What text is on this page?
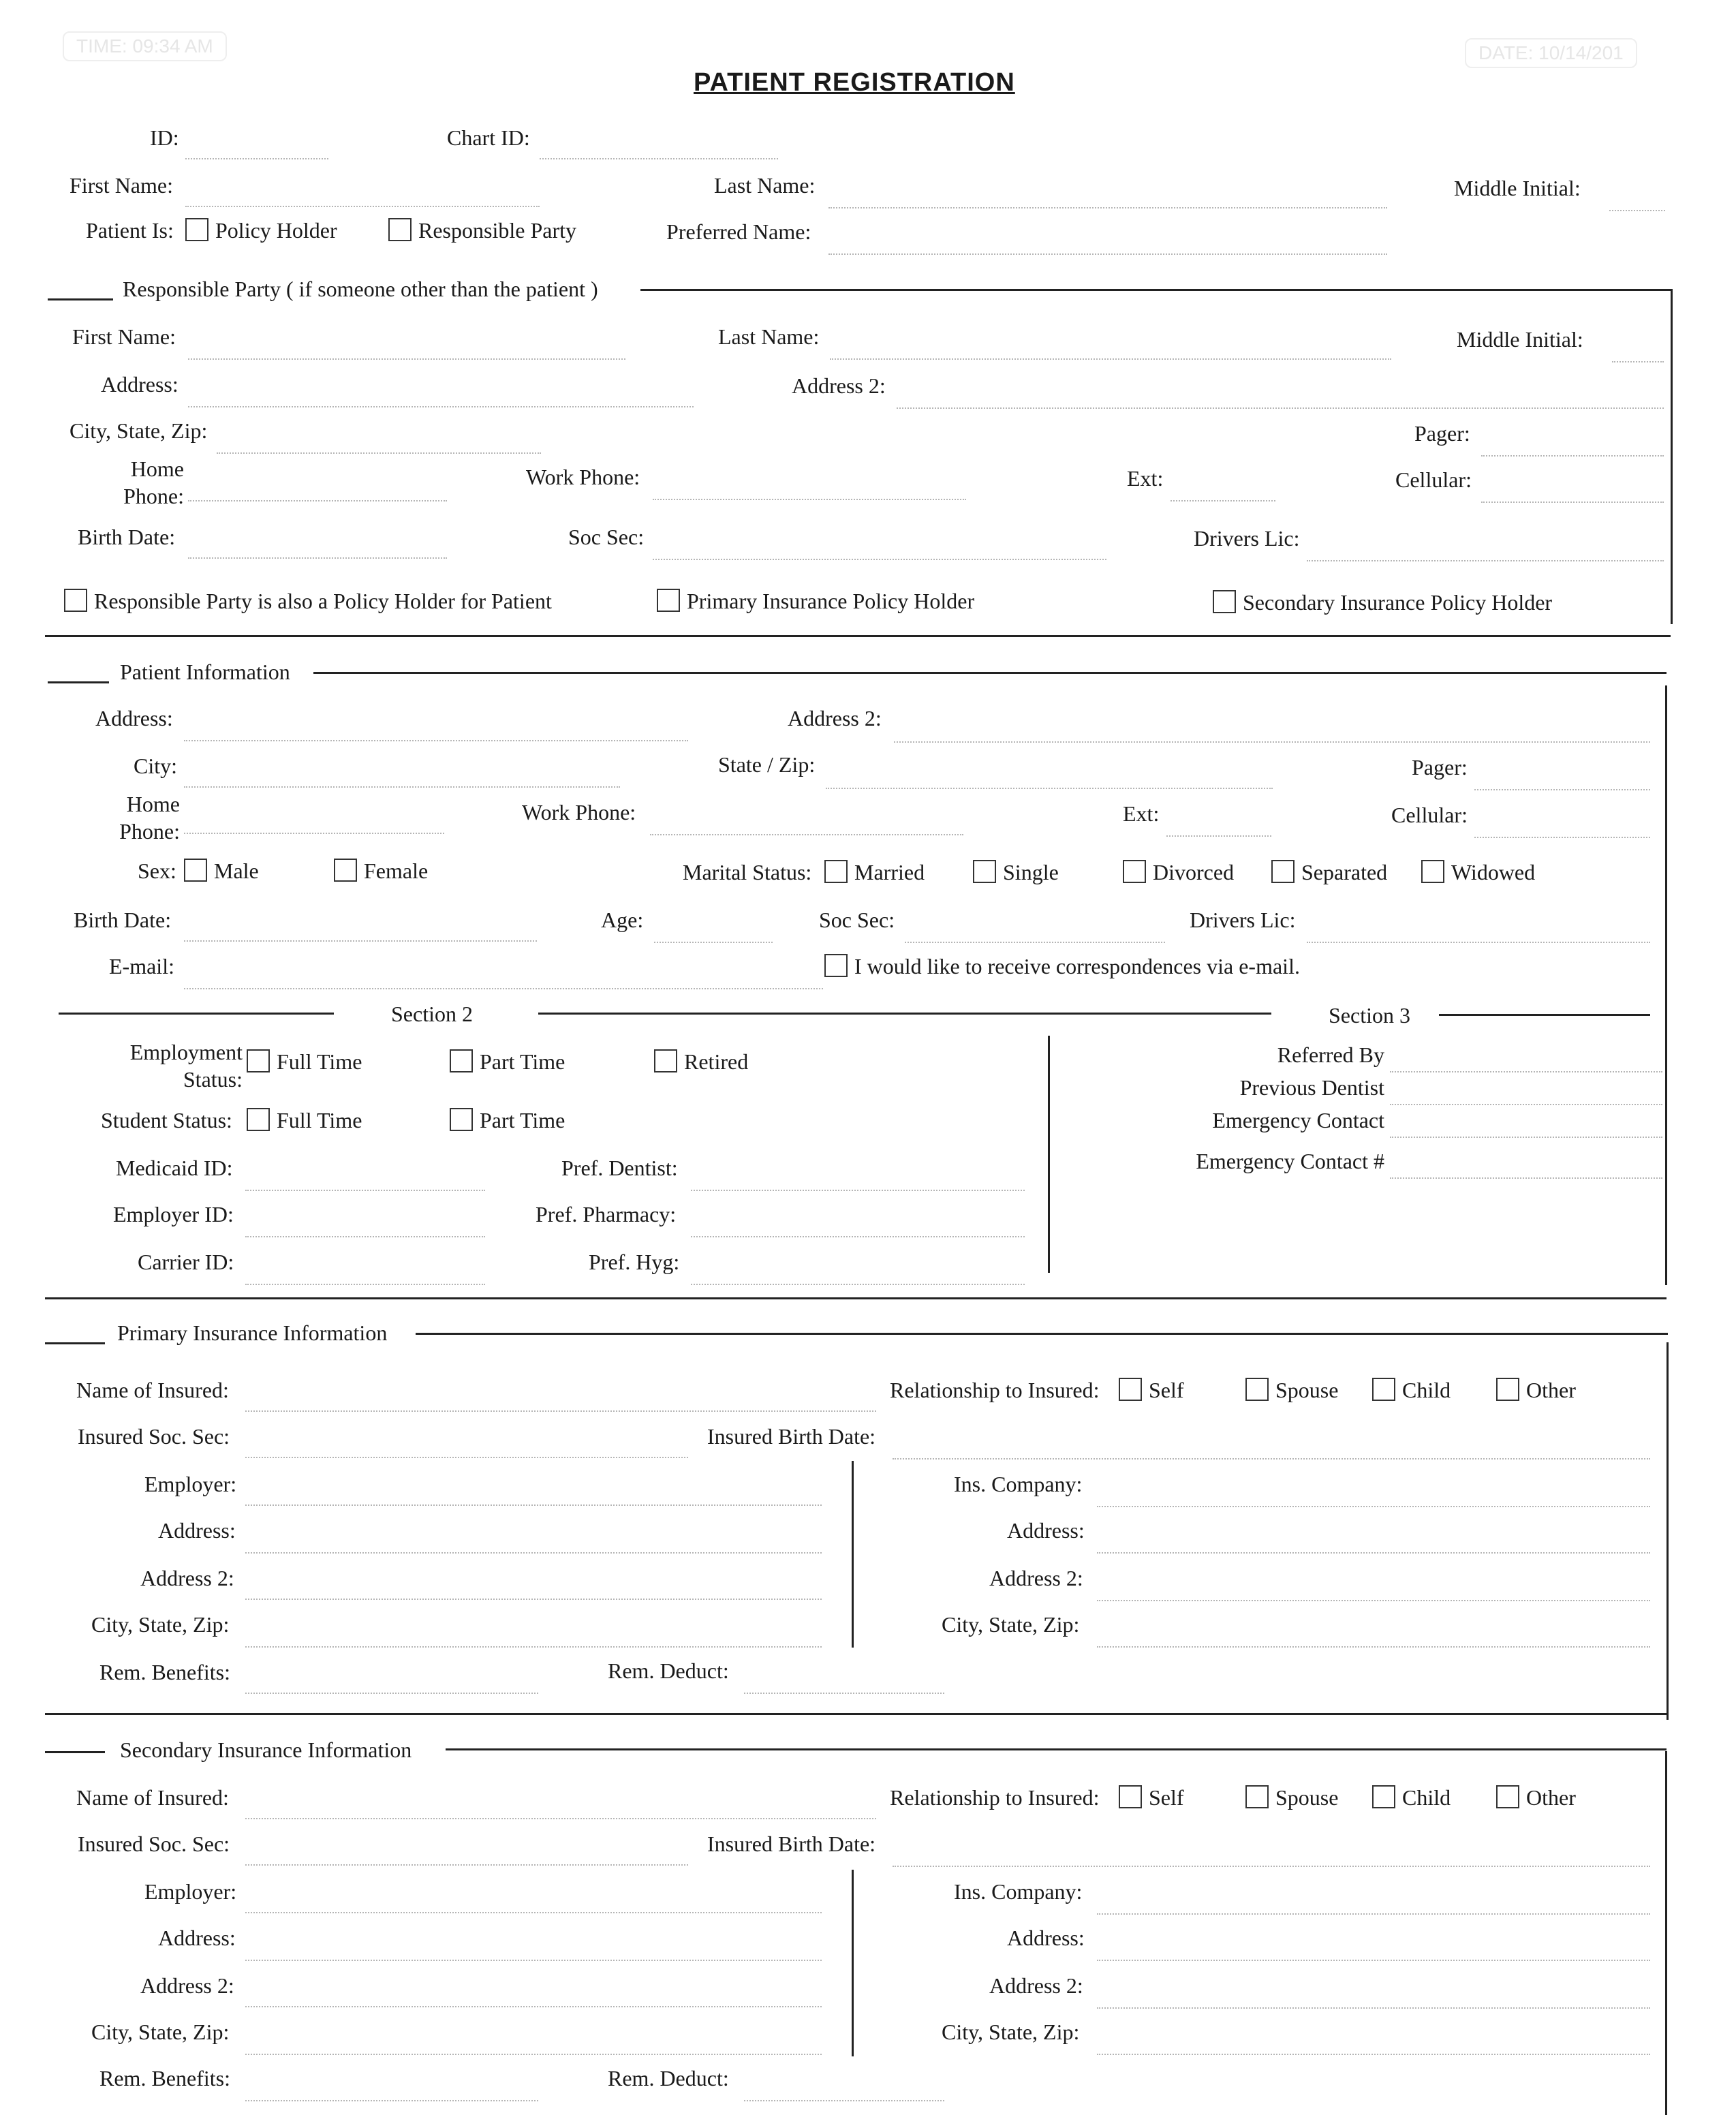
TIME: 09:34 AM	DATE: 10/14/201
PATIENT REGISTRATION
ID:	Chart ID:
First Name:	Last Name:	Middle Initial:
Patient Is: Policy Holder	Responsible Party	Preferred Name:
Responsible Party ( if someone other than the patient )
First Name:	Last Name:	Middle Initial:
Address:	Address 2:
City, State, Zip:	Pager:
Home
Phone:
Work Phone:	Ext:	Cellular:
Birth Date:	Soc Sec:	Drivers Lic:
Responsible Party is also a Policy Holder for Patient	Primary Insurance Policy Holder	Secondary Insurance Policy Holder
Patient Information
Address:	Address 2:
City:	State / Zip:	Pager:
Home
Phone:
Work Phone:	Ext:	Cellular:
Sex: Male	Female	Marital Status: Married	Single	Divorced	Separated	Widowed
Birth Date:	Age:	Soc Sec:	Drivers Lic:
E-mail:	I would like to receive correspondences via e-mail.
Section 2	Section 3
Employment
Status:
Full Time	Part Time	Retired
Student Status: Full Time	Part Time
Medicaid ID:	Pref. Dentist:
Employer ID:	Pref. Pharmacy:
Carrier ID:	Pref. Hyg:
Referred By
Previous Dentist
Emergency Contact
Emergency Contact #
Primary Insurance Information
Name of Insured:	Relationship to Insured: Self	Spouse	Child	Other
Insured Soc. Sec:	Insured Birth Date:
Employer:	Ins. Company:
Address:	Address:
Address 2:	Address 2:
City, State, Zip:	City, State, Zip:
Rem. Benefits:	Rem. Deduct:
Secondary Insurance Information
Name of Insured:	Relationship to Insured: Self	Spouse	Child	Other
Insured Soc. Sec:	Insured Birth Date:
Employer:	Ins. Company:
Address:	Address:
Address 2:	Address 2:
City, State, Zip:	City, State, Zip:
Rem. Benefits:	Rem. Deduct:
